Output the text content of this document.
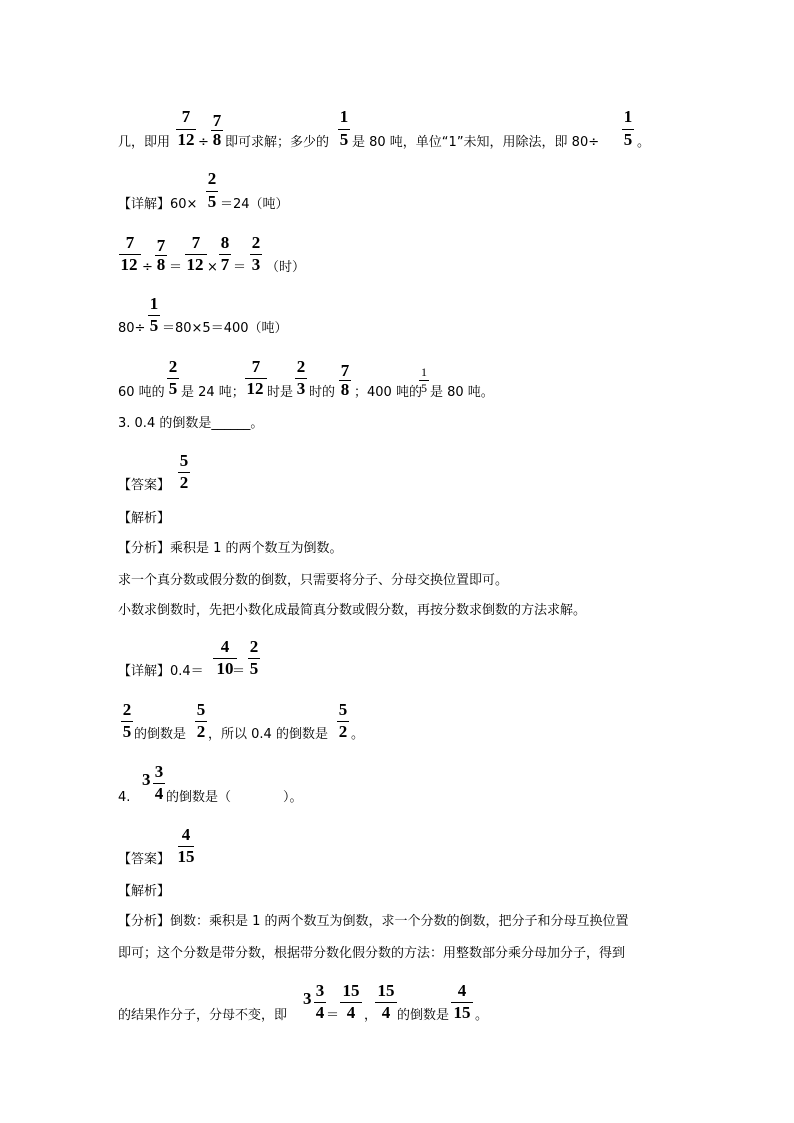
几，即用
7
12 ÷
7
8 即可求解；多少的
1
5 是 80 吨，单位“1”未知，用除法，即 80÷
1
5 。
【详解】60×
2
5 ＝24（吨）
7
12 ÷
7
8 ＝
7
12 ×
8
7 ＝
2
3 （时）
80÷
1
5 ＝80×5＝400（吨）
60 吨的
2
5 是 24 吨；
7
12 时是
2
3 时的
7
8 ；400 吨的
1
5 是 80 吨。
3. 0.4 的倒数是______。
【答案】
5
2
【解析】
【分析】乘积是 1 的两个数互为倒数。
求一个真分数或假分数的倒数，只需要将分子、分母交换位置即可。
小数求倒数时，先把小数化成最简真分数或假分数，再按分数求倒数的方法求解。
【详解】0.4＝
4
10
＝
2
5
2
5 的倒数是
5
2 ，所以 0.4 的倒数是
5
2 。
4.
3 3
4 的倒数是（　　　　）。
【答案】
4
15
【解析】
【分析】倒数：乘积是 1 的两个数互为倒数，求一个分数的倒数，把分子和分母互换位置
即可；这个分数是带分数，根据带分数化假分数的方法：用整数部分乘分母加分子，得到
的结果作分子，分母不变，即
3 3
4 ＝
15
4 ，
15
4 的倒数是
4
15 。
